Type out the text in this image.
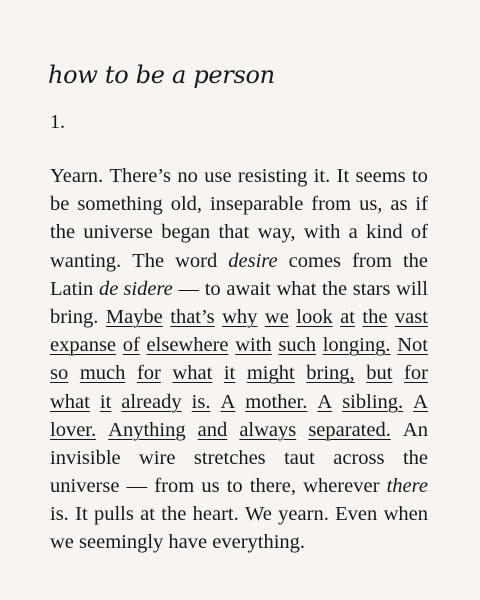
how to be a person
1.
Yearn. There’s no use resisting it. It seems to
be something old, inseparable from us, as if
the universe began that way, with a kind of
wanting. The word desire comes from the
Latin de sidere — to await what the stars will
bring. Maybe that’s why we look at the vast
expanse of elsewhere with such longing. Not
so much for what it might bring, but for
what it already is. A mother. A sibling. A
lover. Anything and always separated. An
invisible wire stretches taut across the
universe — from us to there, wherever there
is. It pulls at the heart. We yearn. Even when
we seemingly have everything.
